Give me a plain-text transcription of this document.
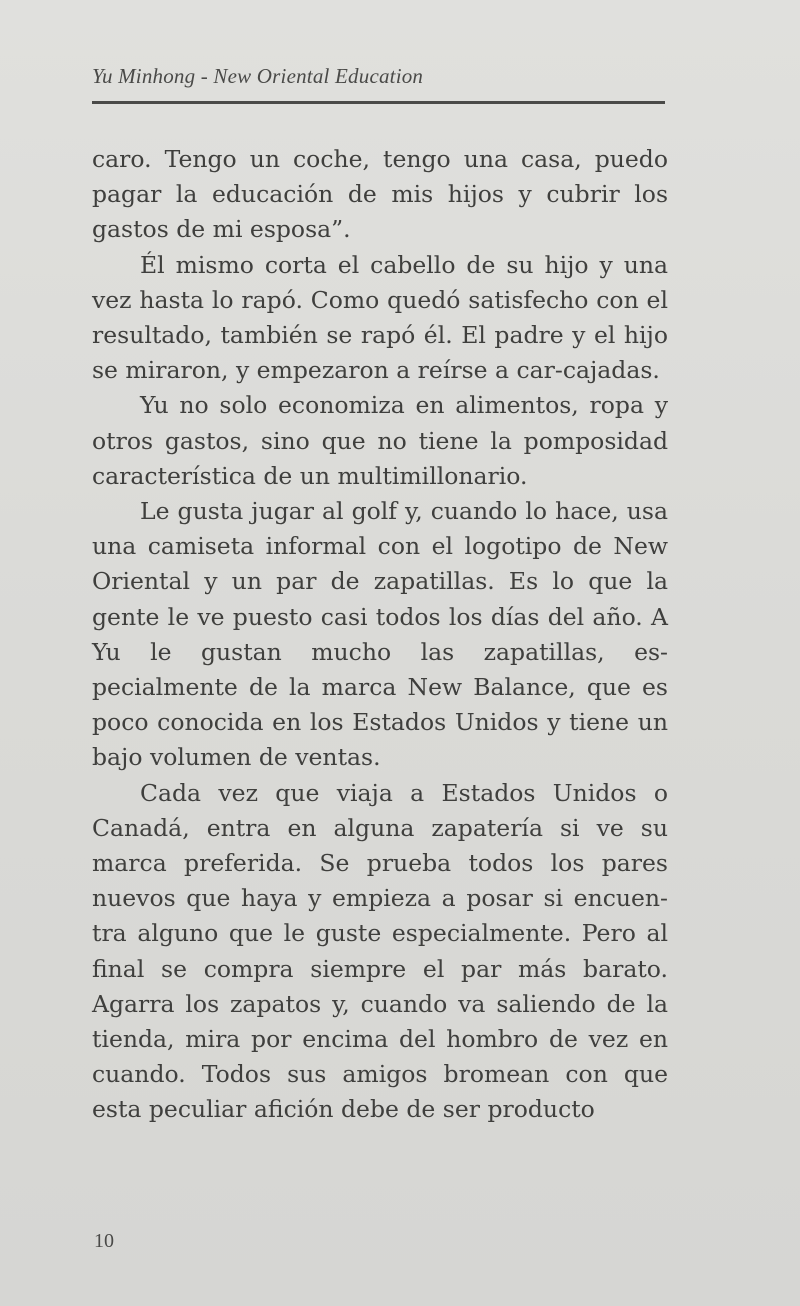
Yu Minhong - New Oriental Education

caro. Tengo un coche, tengo una casa, puedo pagar la educación de mis hijos y cubrir los gastos de mi esposa”.

Él mismo corta el cabello de su hijo y una vez hasta lo rapó. Como quedó satisfecho con el resultado, también se rapó él. El padre y el hijo se miraron, y empezaron a reírse a car-cajadas.

Yu no solo economiza en alimentos, ropa y otros gastos, sino que no tiene la pomposidad característica de un multimillonario.

Le gusta jugar al golf y, cuando lo hace, usa una camiseta informal con el logotipo de New Oriental y un par de zapatillas. Es lo que la gente le ve puesto casi todos los días del año. A Yu le gustan mucho las zapatillas, es-pecialmente de la marca New Balance, que es poco conocida en los Estados Unidos y tiene un bajo volumen de ventas.

Cada vez que viaja a Estados Unidos o Canadá, entra en alguna zapatería si ve su marca preferida. Se prueba todos los pares nuevos que haya y empieza a posar si encuen-tra alguno que le guste especialmente. Pero al final se compra siempre el par más barato. Agarra los zapatos y, cuando va saliendo de la tienda, mira por encima del hombro de vez en cuando. Todos sus amigos bromean con que esta peculiar afición debe de ser producto

10
